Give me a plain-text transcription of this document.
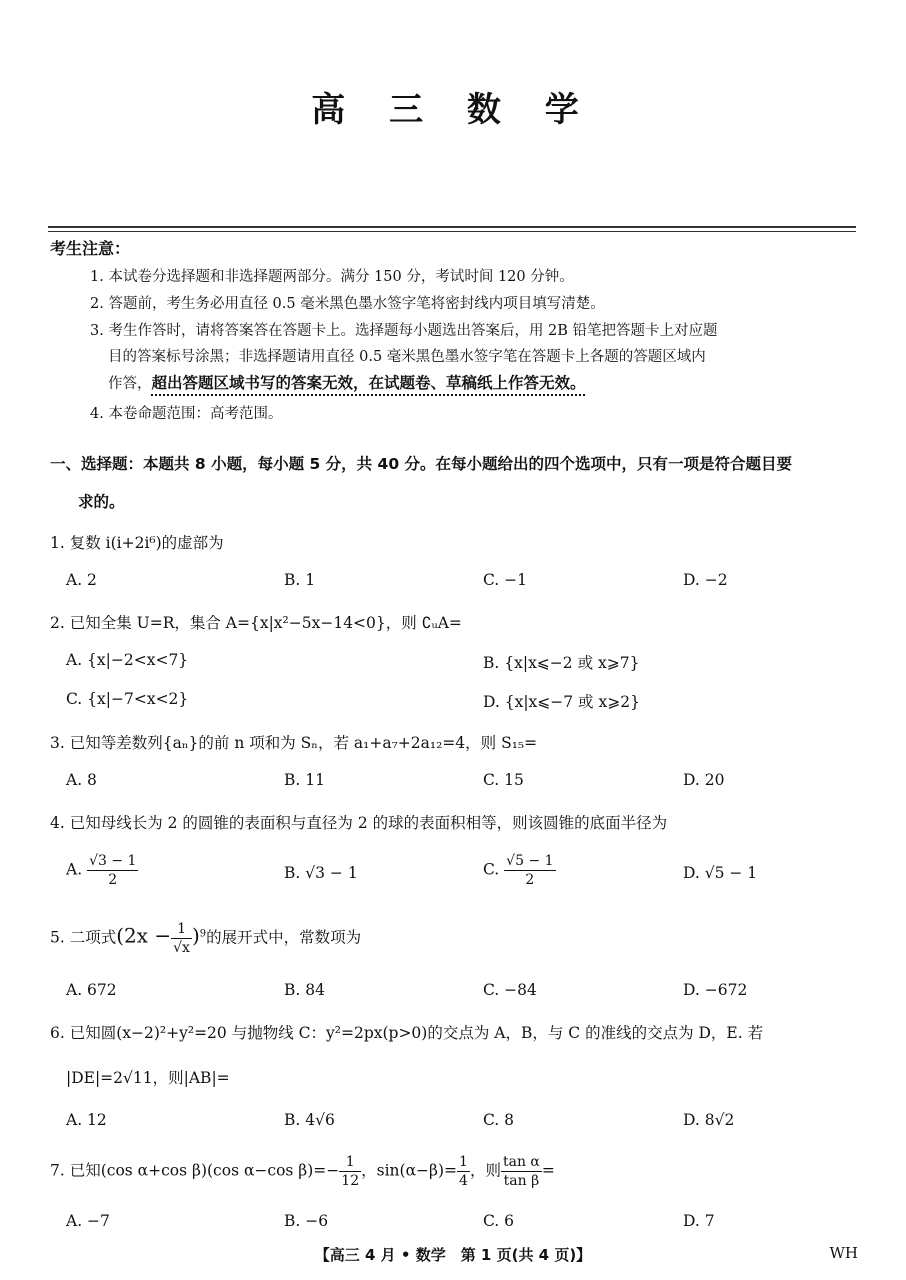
高 三 数 学
考生注意：
1. 本试卷分选择题和非选择题两部分。满分 150 分，考试时间 120 分钟。
2. 答题前，考生务必用直径 0.5 毫米黑色墨水签字笔将密封线内项目填写清楚。
3. 考生作答时，请将答案答在答题卡上。选择题每小题选出答案后，用 2B 铅笔把答题卡上对应题
目的答案标号涂黑；非选择题请用直径 0.5 毫米黑色墨水签字笔在答题卡上各题的答题区域内
作答，超出答题区域书写的答案无效，在试题卷、草稿纸上作答无效。
4. 本卷命题范围：高考范围。
一、选择题：本题共 8 小题，每小题 5 分，共 40 分。在每小题给出的四个选项中，只有一项是符合题目要
求的。
1. 复数 i(i+2i⁶)的虚部为
A. 2	B. 1	C. −1	D. −2
2. 已知全集 U=R，集合 A={x|x²−5x−14<0}，则 ∁ᵤA=
A. {x|−2<x<7}	B. {x|x⩽−2 或 x⩾7}
C. {x|−7<x<2}	D. {x|x⩽−7 或 x⩾2}
3. 已知等差数列{aₙ}的前 n 项和为 Sₙ，若 a₁+a₇+2a₁₂=4，则 S₁₅=
A. 8	B. 11	C. 15	D. 20
4. 已知母线长为 2 的圆锥的表面积与直径为 2 的球的表面积相等，则该圆锥的底面半径为
A. $\frac{√3 - 1}{2}$	B. √3 − 1	C. $\frac{√5 - 1}{2}$	D. √5 − 1
5. 二项式$(2x - \frac{1}{√x} )^9$的展开式中，常数项为
A. 672	B. 84	C. −84	D. −672
6. 已知圆(x−2)²+y²=20 与抛物线 C：y²=2px(p>0)的交点为 A，B，与 C 的准线的交点为 D，E. 若
|DE|=2√11，则|AB|=
A. 12	B. 4√6	C. 8	D. 8√2
7. 已知(cos α+cos β)(cos α−cos $\beta)=- \frac{1}{12}$ ，$\sin(\alpha-\beta)= \frac{1}{4}$ ，则 $\frac{\text{tan α}}{\text{tan β}}$ =
A. −7	B. −6	C. 6	D. 7
【高三 4 月 • 数学　第 1 页(共 4 页)】	WH
